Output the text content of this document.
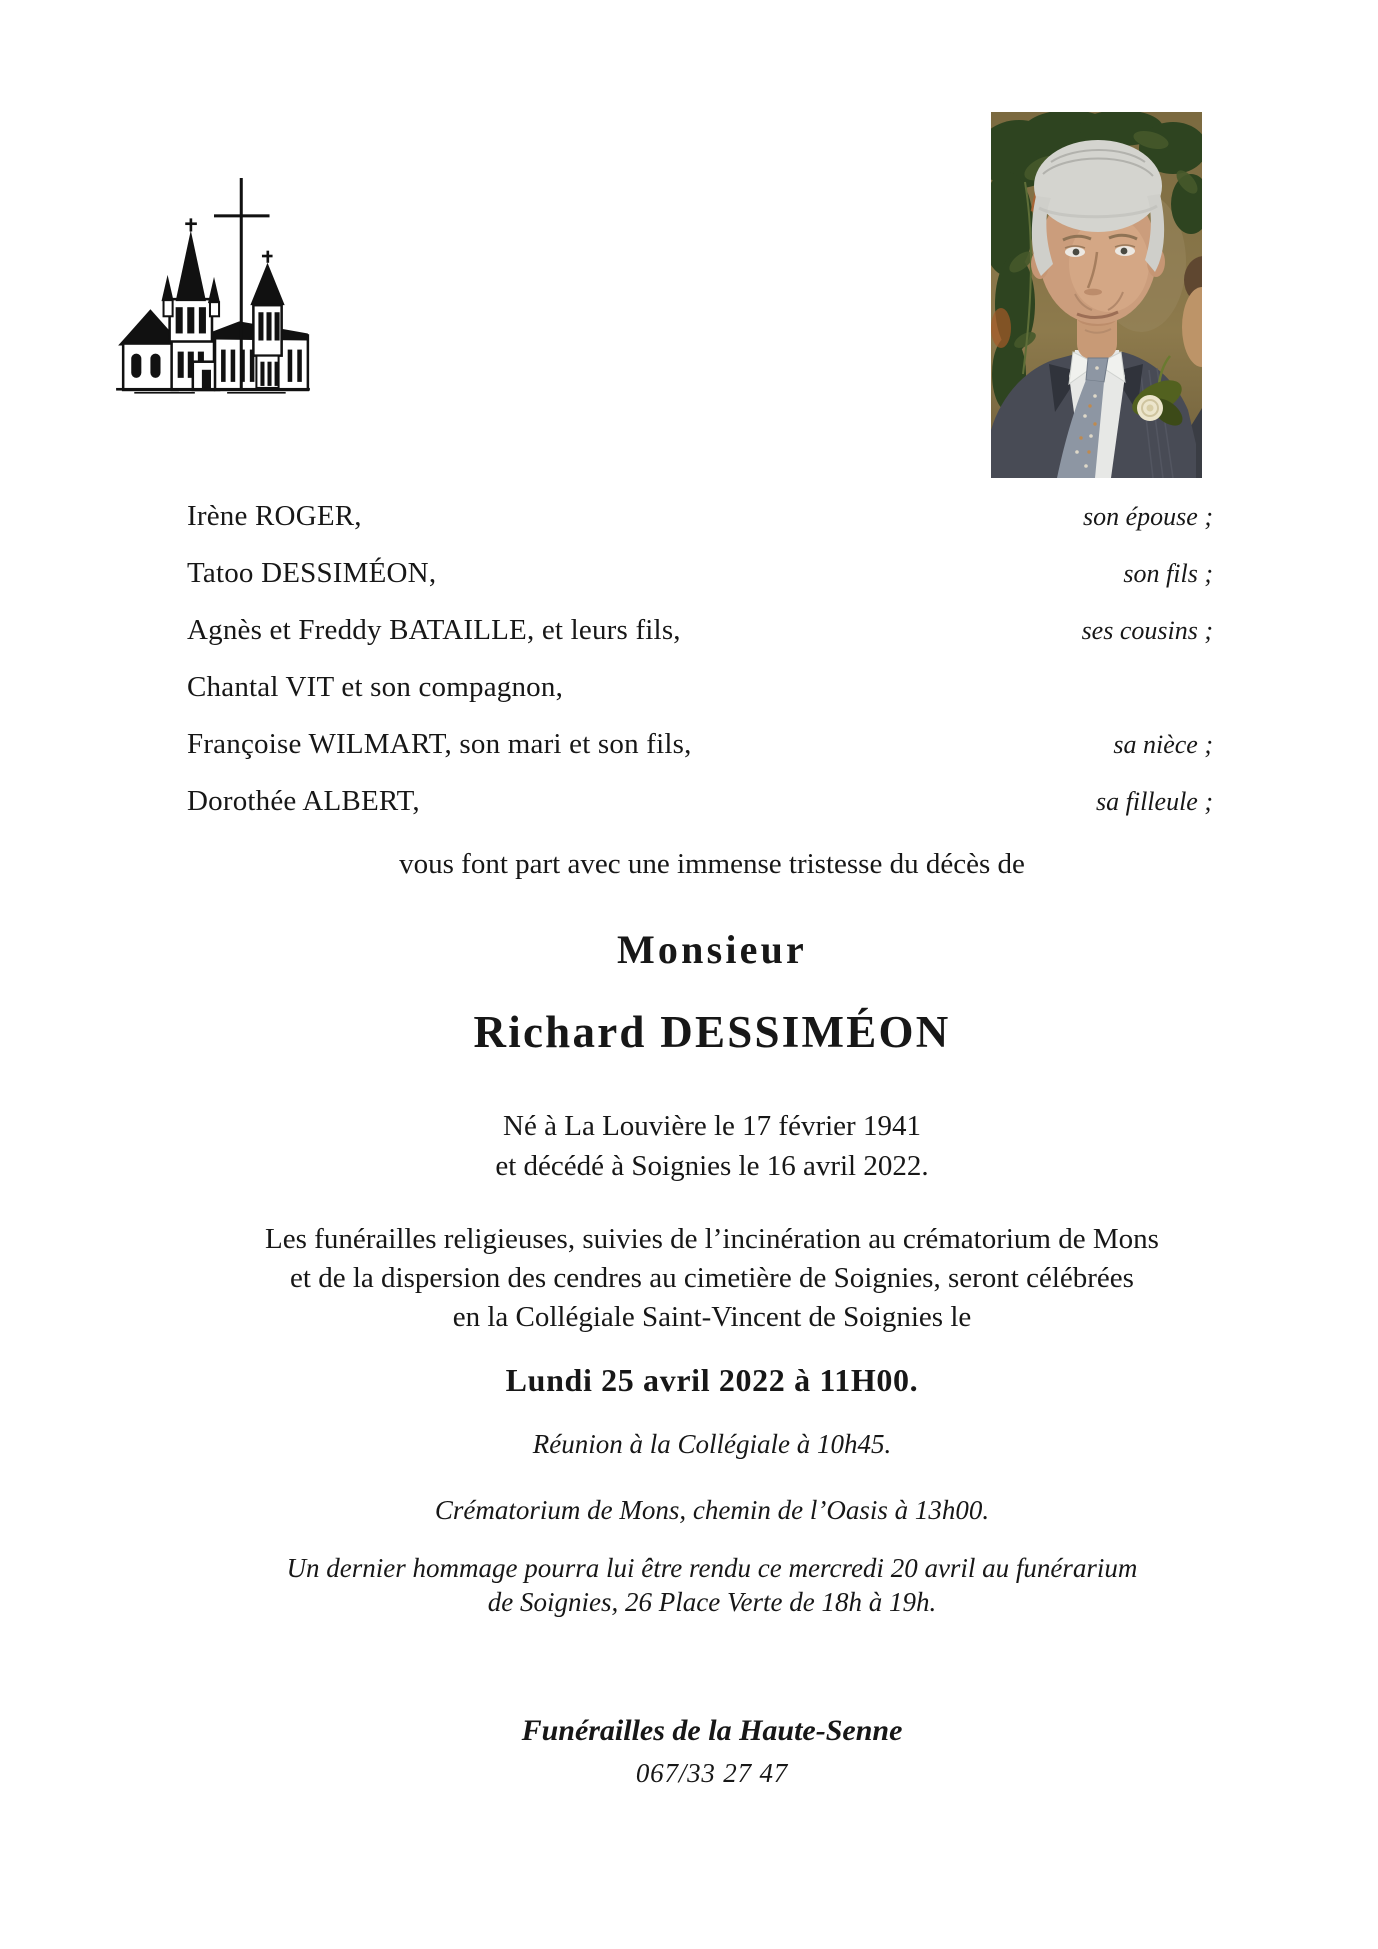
Irène ROGER,	son épouse ;
Tatoo DESSIMÉON,	son fils ;
Agnès et Freddy BATAILLE, et leurs fils,	ses cousins ;
Chantal VIT et son compagnon,
Françoise WILMART, son mari et son fils,	sa nièce ;
Dorothée ALBERT,	sa filleule ;
vous font part avec une immense tristesse du décès de
Monsieur
Richard DESSIMÉON
Né à La Louvière le 17 février 1941
et décédé à Soignies le 16 avril 2022.
Les funérailles religieuses, suivies de l’incinération au crématorium de Mons
et de la dispersion des cendres au cimetière de Soignies, seront célébrées
en la Collégiale Saint-Vincent de Soignies le
Lundi 25 avril 2022 à 11H00.
Réunion à la Collégiale à 10h45.
Crématorium de Mons, chemin de l’Oasis à 13h00.
Un dernier hommage pourra lui être rendu ce mercredi 20 avril au funérarium
de Soignies, 26 Place Verte de 18h à 19h.
Funérailles de la Haute-Senne
067/33 27 47
